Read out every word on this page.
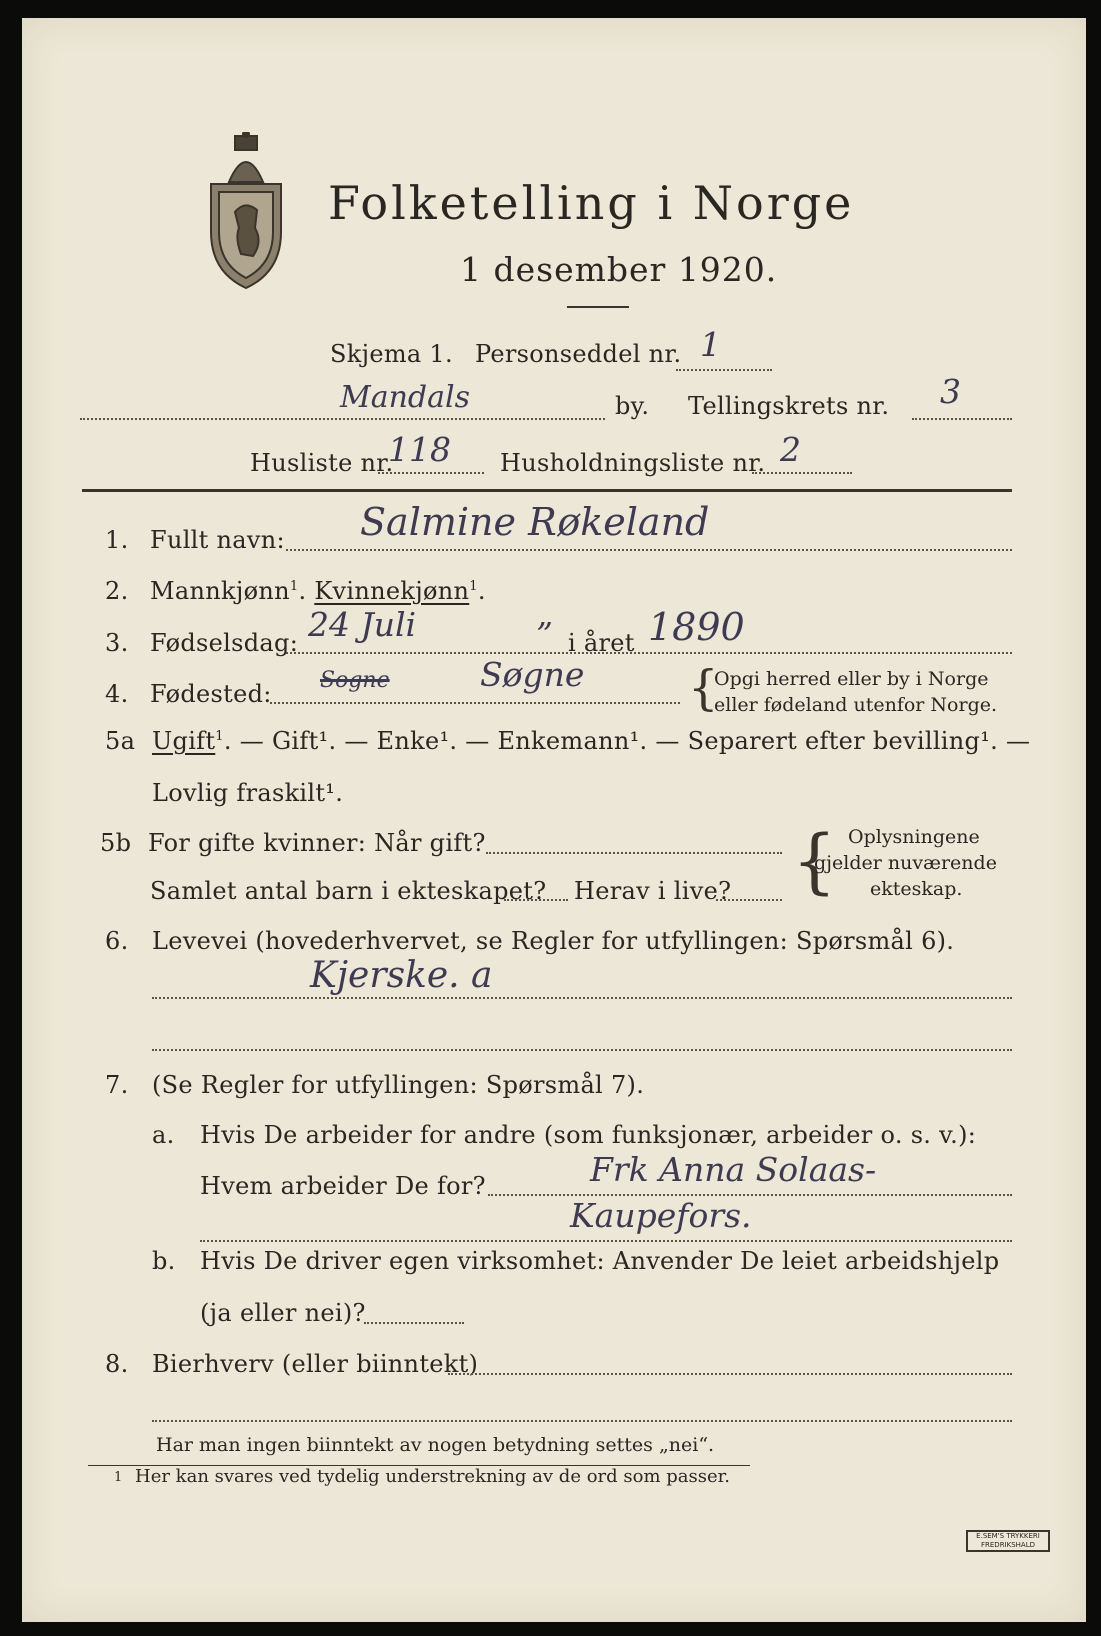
Folketelling i Norge
1 desember 1920.
Skjema 1. Personseddel nr. 1
Mandals	by. Tellingskrets nr. 3
Husliste nr.
118 Husholdningsliste nr. 2
1. Fullt navn: Salmine Røkeland
2. Mannkjønn$^1$. Kvinnekjønn$^1$.
3. Fødselsdag: 24 Juli	” i året 1890
4. Fødested: Sogne	Søgne {
Opgi herred eller by i Norge
eller fødeland utenfor Norge.
5a Ugift$^1$. — Gift¹. — Enke¹. — Enkemann¹. — Separert efter bevilling¹. —
Lovlig fraskilt¹.
5b For gifte kvinner: Når gift?
Samlet antal barn i ekteskapet? Herav i live? { Oplysningene
gjelder nuværende
ekteskap.
6. Levevei (hovederhvervet, se Regler for utfyllingen: Spørsmål 6).
Kjerske. a
7. (Se Regler for utfyllingen: Spørsmål 7).
a. Hvis De arbeider for andre (som funksjonær, arbeider o. s. v.):
Hvem arbeider De for?	Frk Anna Solaas-
Kaupefors.
b. Hvis De driver egen virksomhet: Anvender De leiet arbeidshjelp
(ja eller nei)?
8. Bierhverv (eller biinntekt)
Har man ingen biinntekt av nogen betydning settes „nei“.
1 Her kan svares ved tydelig understrekning av de ord som passer.
E.SEM'S TRYKKERI FREDRIKSHALD
